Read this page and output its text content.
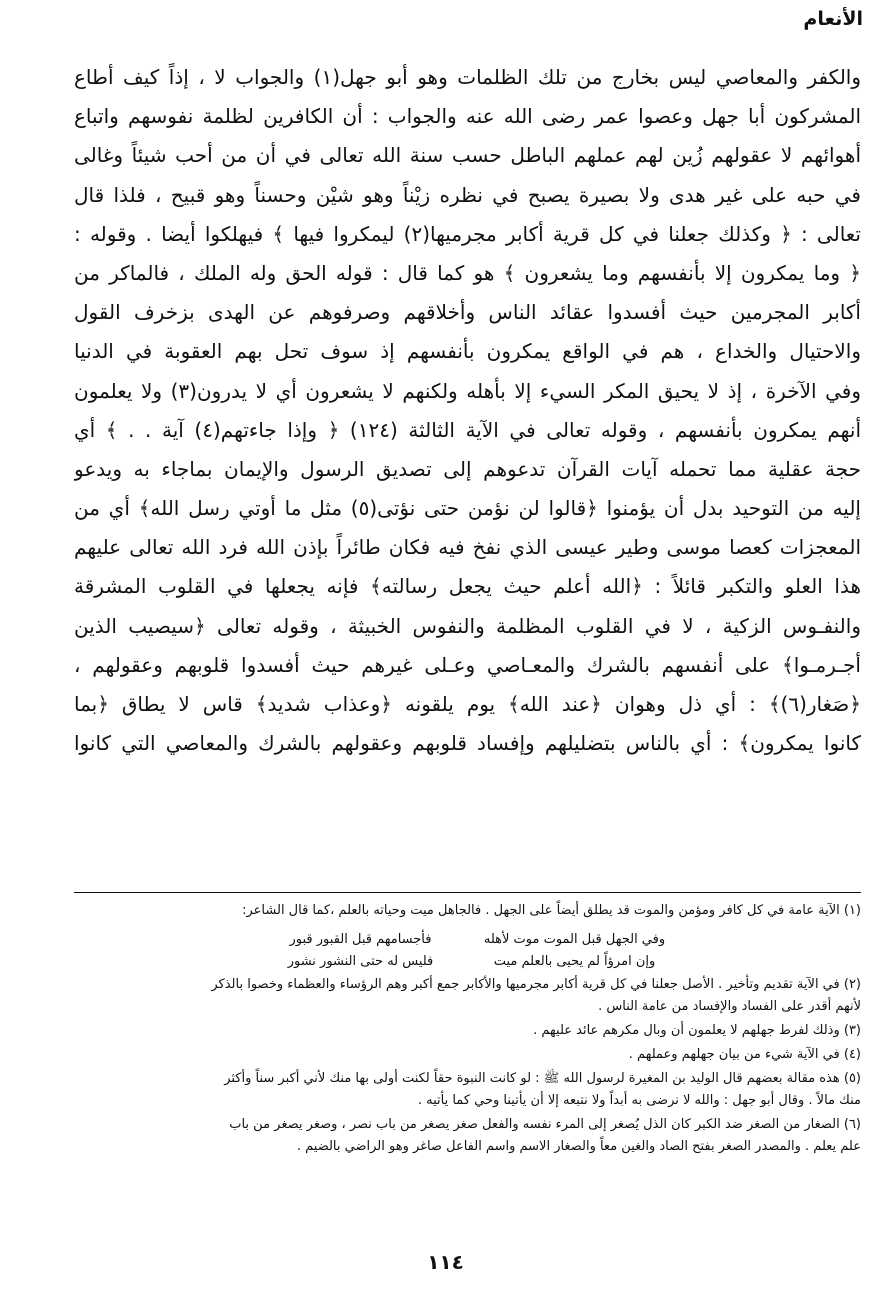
الأنعام
والكفر والمعاصي ليس بخارج من تلك الظلمات وهو أبو جهل(١) والجواب لا ، إذاً كيف أطاع
المشركون أبا جهل وعصوا عمر رضى الله عنه والجواب : أن الكافرين لظلمة نفوسهم واتباع
أهوائهم لا عقولهم زُين لهم عملهم الباطل حسب سنة الله تعالى في أن من أحب شيئاً وغالى
في حبه على غير هدى ولا بصيرة يصبح في نظره زيْناً وهو شيْن وحسناً وهو قبيح ، فلذا قال
تعالى : ﴿ وكذلك جعلنا في كل قرية أكابر مجرميها(٢) ليمكروا فيها ﴾ فيهلكوا أيضا . وقوله :
﴿ وما يمكرون إلا بأنفسهم وما يشعرون ﴾ هو كما قال : قوله الحق وله الملك ، فالماكر من
أكابر المجرمين حيث أفسدوا عقائد الناس وأخلاقهم وصرفوهم عن الهدى بزخرف القول
والاحتيال والخداع ، هم في الواقع يمكرون بأنفسهم إذ سوف تحل بهم العقوبة في الدنيا
وفي الآخرة ، إذ لا يحيق المكر السيء إلا بأهله ولكنهم لا يشعرون أي لا يدرون(٣) ولا يعلمون
أنهم يمكرون بأنفسهم ، وقوله تعالى في الآية الثالثة (١٢٤) ﴿ وإذا جاءتهم(٤) آية . . ﴾ أي
حجة عقلية مما تحمله آيات القرآن تدعوهم إلى تصديق الرسول والإيمان بماجاء به ويدعو
إليه من التوحيد بدل أن يؤمنوا ﴿قالوا لن نؤمن حتى نؤتى(٥) مثل ما أوتي رسل الله﴾ أي من
المعجزات كعصا موسى وطير عيسى الذي نفخ فيه فكان طائراً بإذن الله فرد الله تعالى عليهم
هذا العلو والتكبر قائلاً : ﴿الله أعلم حيث يجعل رسالته﴾ فإنه يجعلها في القلوب المشرقة
والنفـوس الزكية ، لا في القلوب المظلمة والنفوس الخبيثة ، وقوله تعالى ﴿سيصيب الذين
أجـرمـوا﴾ على أنفسهم بالشرك والمعـاصي وعـلى غيرهم حيث أفسدوا قلوبهم وعقولهم ،
﴿صَغار(٦)﴾ : أي ذل وهوان ﴿عند الله﴾ يوم يلقونه ﴿وعذاب شديد﴾ قاس لا يطاق ﴿بما
كانوا يمكرون﴾ : أي بالناس بتضليلهم وإفساد قلوبهم وعقولهم بالشرك والمعاصي التي كانوا
(١) الآية عامة في كل كافر ومؤمن والموت قد يطلق أيضاً على الجهل . فالجاهل ميت وحياته بالعلم ،كما قال الشاعر:
وفي الجهل قبل الموت موت لأهلهفأجسامهم قبل القبور قبور
وإن امرؤاً لم يحيى بالعلم ميتفليس له حتى النشور نشور
(٢) في الآية تقديم وتأخير . الأصل جعلنا في كل قرية أكابر مجرميها والأكابر جمع أكبر وهم الرؤساء والعظماء وخصوا بالذكر
لأنهم أقدر على الفساد والإفساد من عامة الناس .
(٣) وذلك لفرط جهلهم لا يعلمون أن وبال مكرهم عائد عليهم .
(٤) في الآية شيء من بيان جهلهم وعملهم .
(٥) هذه مقالة بعضهم قال الوليد بن المغيرة لرسول الله ﷺ : لو كانت النبوة حقاً لكنت أولى بها منك لأني أكبر سناً وأكثر
منك مالاً . وقال أبو جهل : والله لا نرضى به أبداً ولا نتبعه إلا أن يأتينا وحي كما يأتيه .
(٦) الصغار من الصغر ضد الكبر كان الذل يُصغر إلى المرء نفسه والفعل صغر يصغر من باب نصر ، وصغر يصغر من باب
علم يعلم . والمصدر الصغر بفتح الصاد والغين معاً والصغار الاسم واسم الفاعل صاغر وهو الراضي بالضيم .
١١٤
